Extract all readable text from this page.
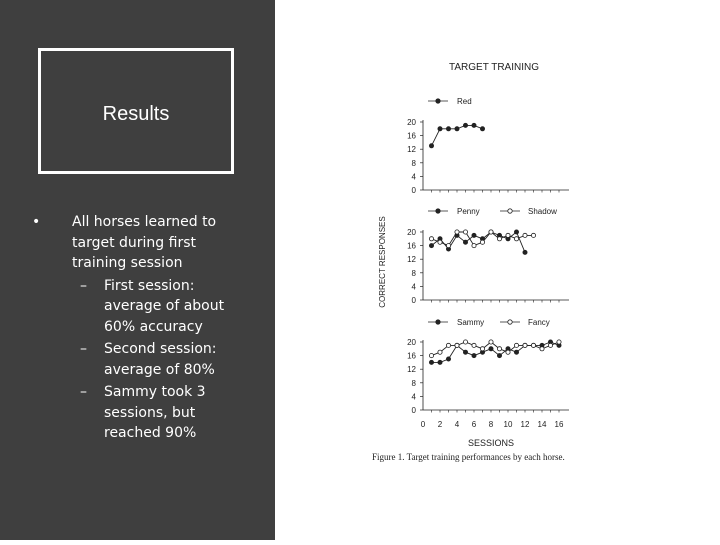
Results
• All horses learned to target during first training session
– First session: average of about 60% accuracy
– Second session: average of 80%
– Sammy took 3 sessions, but reached 90%
TARGET TRAINING
CORRECT RESPONSES
0
4
8
12
16
20
Red
0
4
8
12
16
20
Penny	Shadow
0
4
8
12
16
20
0 2 4 6 8 10 12 14 16
SESSIONS
Sammy	Fancy
Figure 1. Target training performances by each horse.
